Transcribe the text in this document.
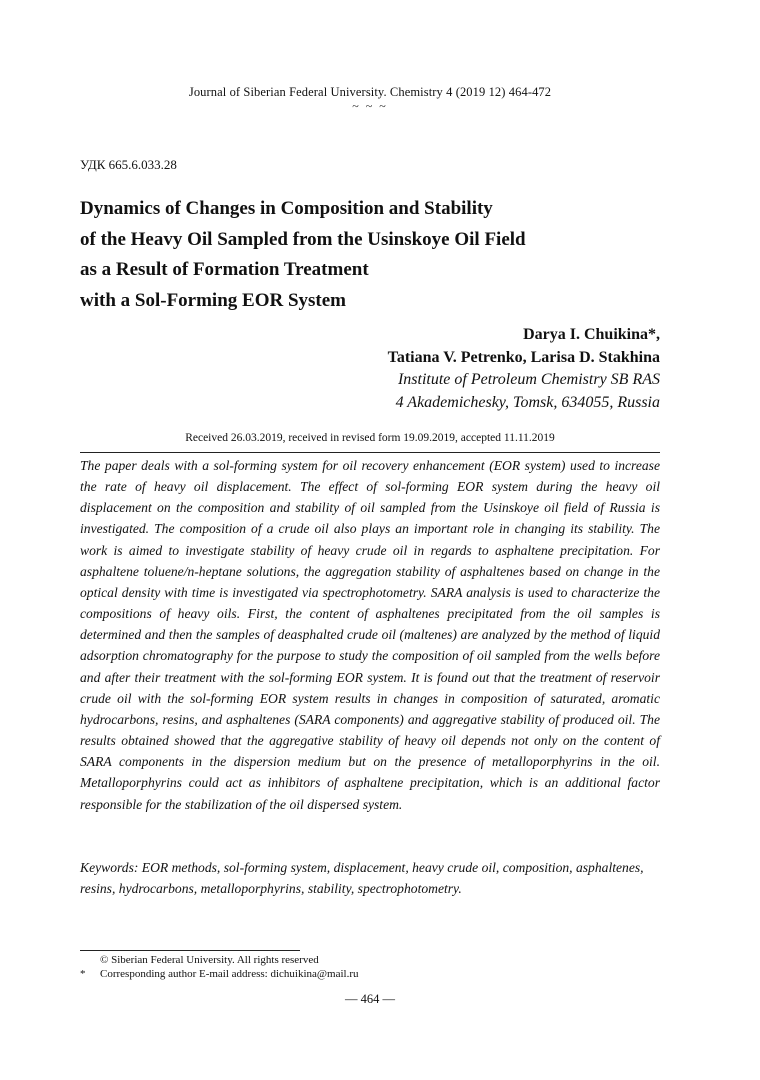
Journal of Siberian Federal University. Chemistry 4 (2019 12) 464-472
~ ~ ~
УДК 665.6.033.28
Dynamics of Changes in Composition and Stability
of the Heavy Oil Sampled from the Usinskoye Oil Field
as a Result of Formation Treatment
with a Sol-Forming EOR System
Darya I. Chuikina*,
Tatiana V. Petrenko, Larisa D. Stakhina
Institute of Petroleum Chemistry SB RAS
4 Akademichesky, Tomsk, 634055, Russia
Received 26.03.2019, received in revised form 19.09.2019, accepted 11.11.2019
The paper deals with a sol-forming system for oil recovery enhancement (EOR system) used to increase the rate of heavy oil displacement. The effect of sol-forming EOR system during the heavy oil displacement on the composition and stability of oil sampled from the Usinskoye oil field of Russia is investigated. The composition of a crude oil also plays an important role in changing its stability. The work is aimed to investigate stability of heavy crude oil in regards to asphaltene precipitation. For asphaltene toluene/n-heptane solutions, the aggregation stability of asphaltenes based on change in the optical density with time is investigated via spectrophotometry. SARA analysis is used to characterize the compositions of heavy oils. First, the content of asphaltenes precipitated from the oil samples is determined and then the samples of deasphalted crude oil (maltenes) are analyzed by the method of liquid adsorption chromatography for the purpose to study the composition of oil sampled from the wells before and after their treatment with the sol-forming EOR system. It is found out that the treatment of reservoir crude oil with the sol-forming EOR system results in changes in composition of saturated, aromatic hydrocarbons, resins, and asphaltenes (SARA components) and aggregative stability of produced oil. The results obtained showed that the aggregative stability of heavy oil depends not only on the content of SARA components in the dispersion medium but on the presence of metalloporphyrins in the oil. Metalloporphyrins could act as inhibitors of asphaltene precipitation, which is an additional factor responsible for the stabilization of the oil dispersed system.
Keywords: EOR methods, sol-forming system, displacement, heavy crude oil, composition, asphaltenes, resins, hydrocarbons, metalloporphyrins, stability, spectrophotometry.
© Siberian Federal University. All rights reserved
* Corresponding author E-mail address: dichuikina@mail.ru
― 464 ―
